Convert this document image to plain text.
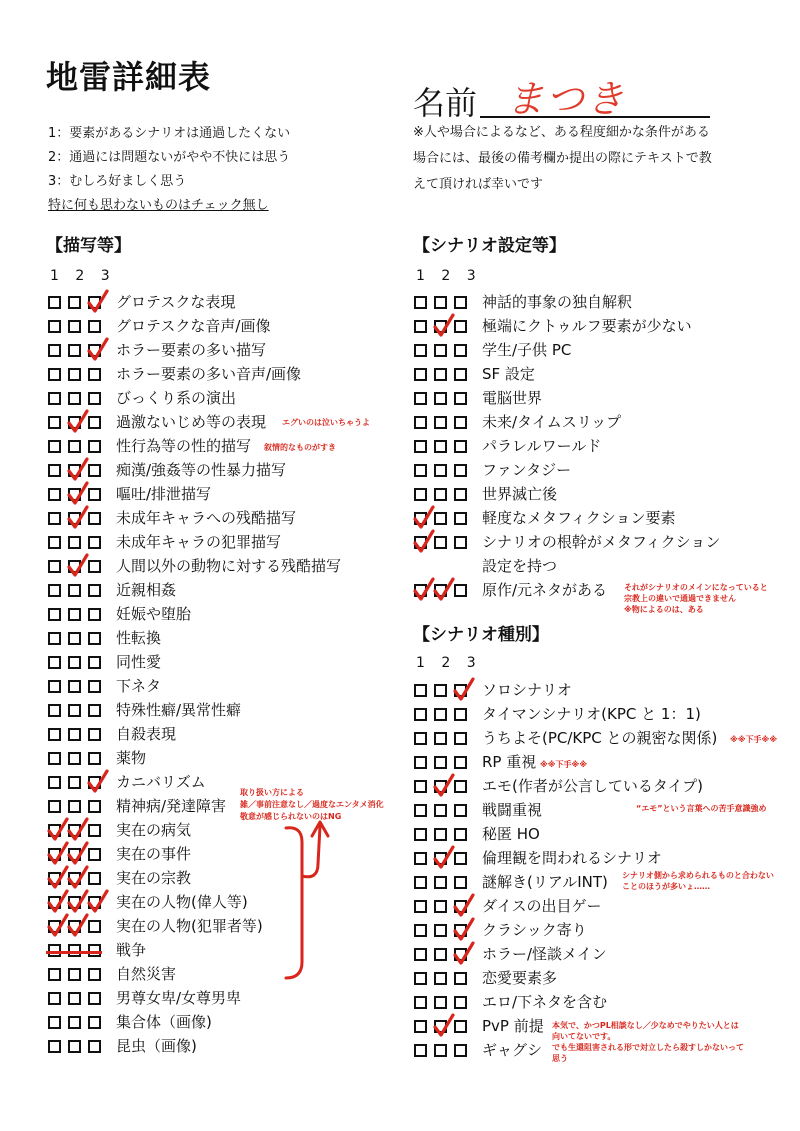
地雷詳細表
名前 まつき
1：要素があるシナリオは通過したくない
2：通過には問題ないがやや不快には思う
3：むしろ好ましく思う
特に何も思わないものはチェック無し
※人や場合によるなど、ある程度細かな条件がある
場合には、最後の備考欄か提出の際にテキストで教
えて頂ければ幸いです
【描写等】
1 2 3
【シナリオ設定等】
1 2 3
【シナリオ種別】
1 2 3
グロテスクな表現
グロテスクな音声/画像
ホラー要素の多い描写
ホラー要素の多い音声/画像
びっくり系の演出
過激ないじめ等の表現
性行為等の性的描写
痴漢/強姦等の性暴力描写
嘔吐/排泄描写
未成年キャラへの残酷描写
未成年キャラの犯罪描写
人間以外の動物に対する残酷描写
近親相姦
妊娠や堕胎
性転換
同性愛
下ネタ
特殊性癖/異常性癖
自殺表現
薬物
カニバリズム
精神病/発達障害
実在の病気
実在の事件
実在の宗教
実在の人物(偉人等)
実在の人物(犯罪者等)
戦争
自然災害
男尊女卑/女尊男卑
集合体（画像)
昆虫（画像)
神話的事象の独自解釈
極端にクトゥルフ要素が少ない
学生/子供 PC
SF 設定
電脳世界
未来/タイムスリップ
パラレルワールド
ファンタジー
世界滅亡後
軽度なメタフィクション要素
シナリオの根幹がメタフィクション
設定を持つ
原作/元ネタがある
ソロシナリオ
タイマンシナリオ(KPC と 1：1)
うちよそ(PC/KPC との親密な関係)
RP 重視
エモ(作者が公言しているタイプ)
戦闘重視
秘匿 HO
倫理観を問われるシナリオ
謎解き(リアルINT)
ダイスの出目ゲー
クラシック寄り
ホラー/怪談メイン
恋愛要素多
エロ/下ネタを含む
PvP 前提
ギャグシ
エグいのは泣いちゃうよ
叙情的なものがすき
取り扱い方による
雑／事前注意なし／過度なエンタメ消化
敬意が感じられないのはNG
それがシナリオのメインになっていると
宗教上の違いで通過できません
※物によるのは、ある
※※下手※※
※※下手※※
“エモ”という言葉への苦手意識強め
シナリオ側から求められるものと合わない
ことのほうが多いょ……
本気で、かつPL相談なし／少なめでやりたい人とは
向いてないです。
でも生還阻害される形で対立したら殺すしかないって
思う
